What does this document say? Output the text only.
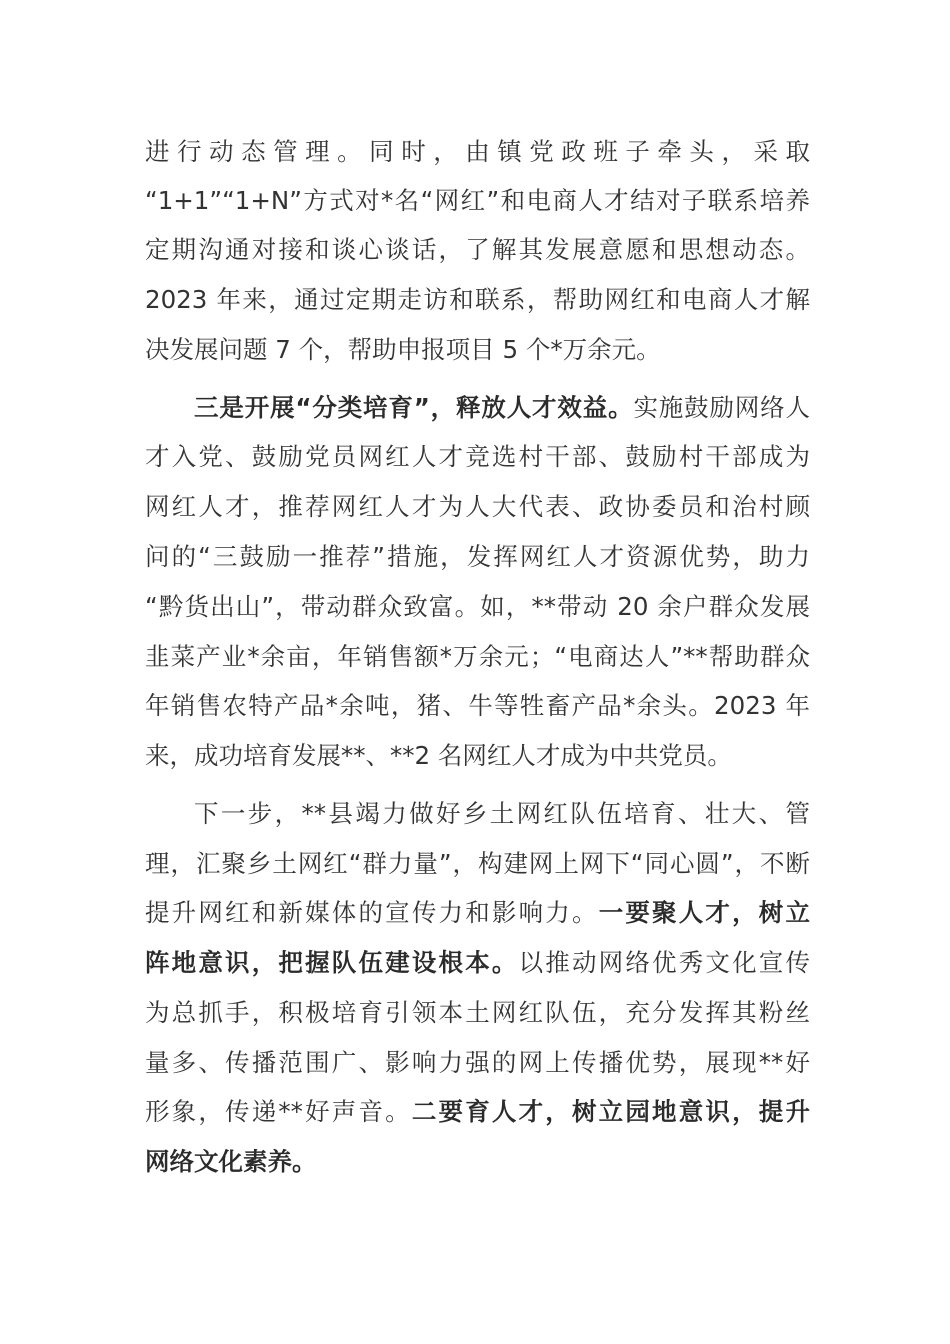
进行动态管理。同时，由镇党政班子牵头，采取
“1+1”“1+N”方式对*名“网红”和电商人才结对子联系培养
定期沟通对接和谈心谈话，了解其发展意愿和思想动态。
2023 年来，通过定期走访和联系，帮助网红和电商人才解
决发展问题 7 个，帮助申报项目 5 个*万余元。
三是开展“分类培育”，释放人才效益。实施鼓励网络人
才入党、鼓励党员网红人才竞选村干部、鼓励村干部成为
网红人才，推荐网红人才为人大代表、政协委员和治村顾
问的“三鼓励一推荐”措施，发挥网红人才资源优势，助力
“黔货出山”，带动群众致富。如，**带动 20 余户群众发展
韭菜产业*余亩，年销售额*万余元；“电商达人”**帮助群众
年销售农特产品*余吨，猪、牛等牲畜产品*余头。2023 年
来，成功培育发展**、**2 名网红人才成为中共党员。
下一步，**县竭力做好乡土网红队伍培育、壮大、管
理，汇聚乡土网红“群力量”，构建网上网下“同心圆”，不断
提升网红和新媒体的宣传力和影响力。一要聚人才，树立
阵地意识，把握队伍建设根本。以推动网络优秀文化宣传
为总抓手，积极培育引领本土网红队伍，充分发挥其粉丝
量多、传播范围广、影响力强的网上传播优势，展现**好
形象，传递**好声音。二要育人才，树立园地意识，提升
网络文化素养。
